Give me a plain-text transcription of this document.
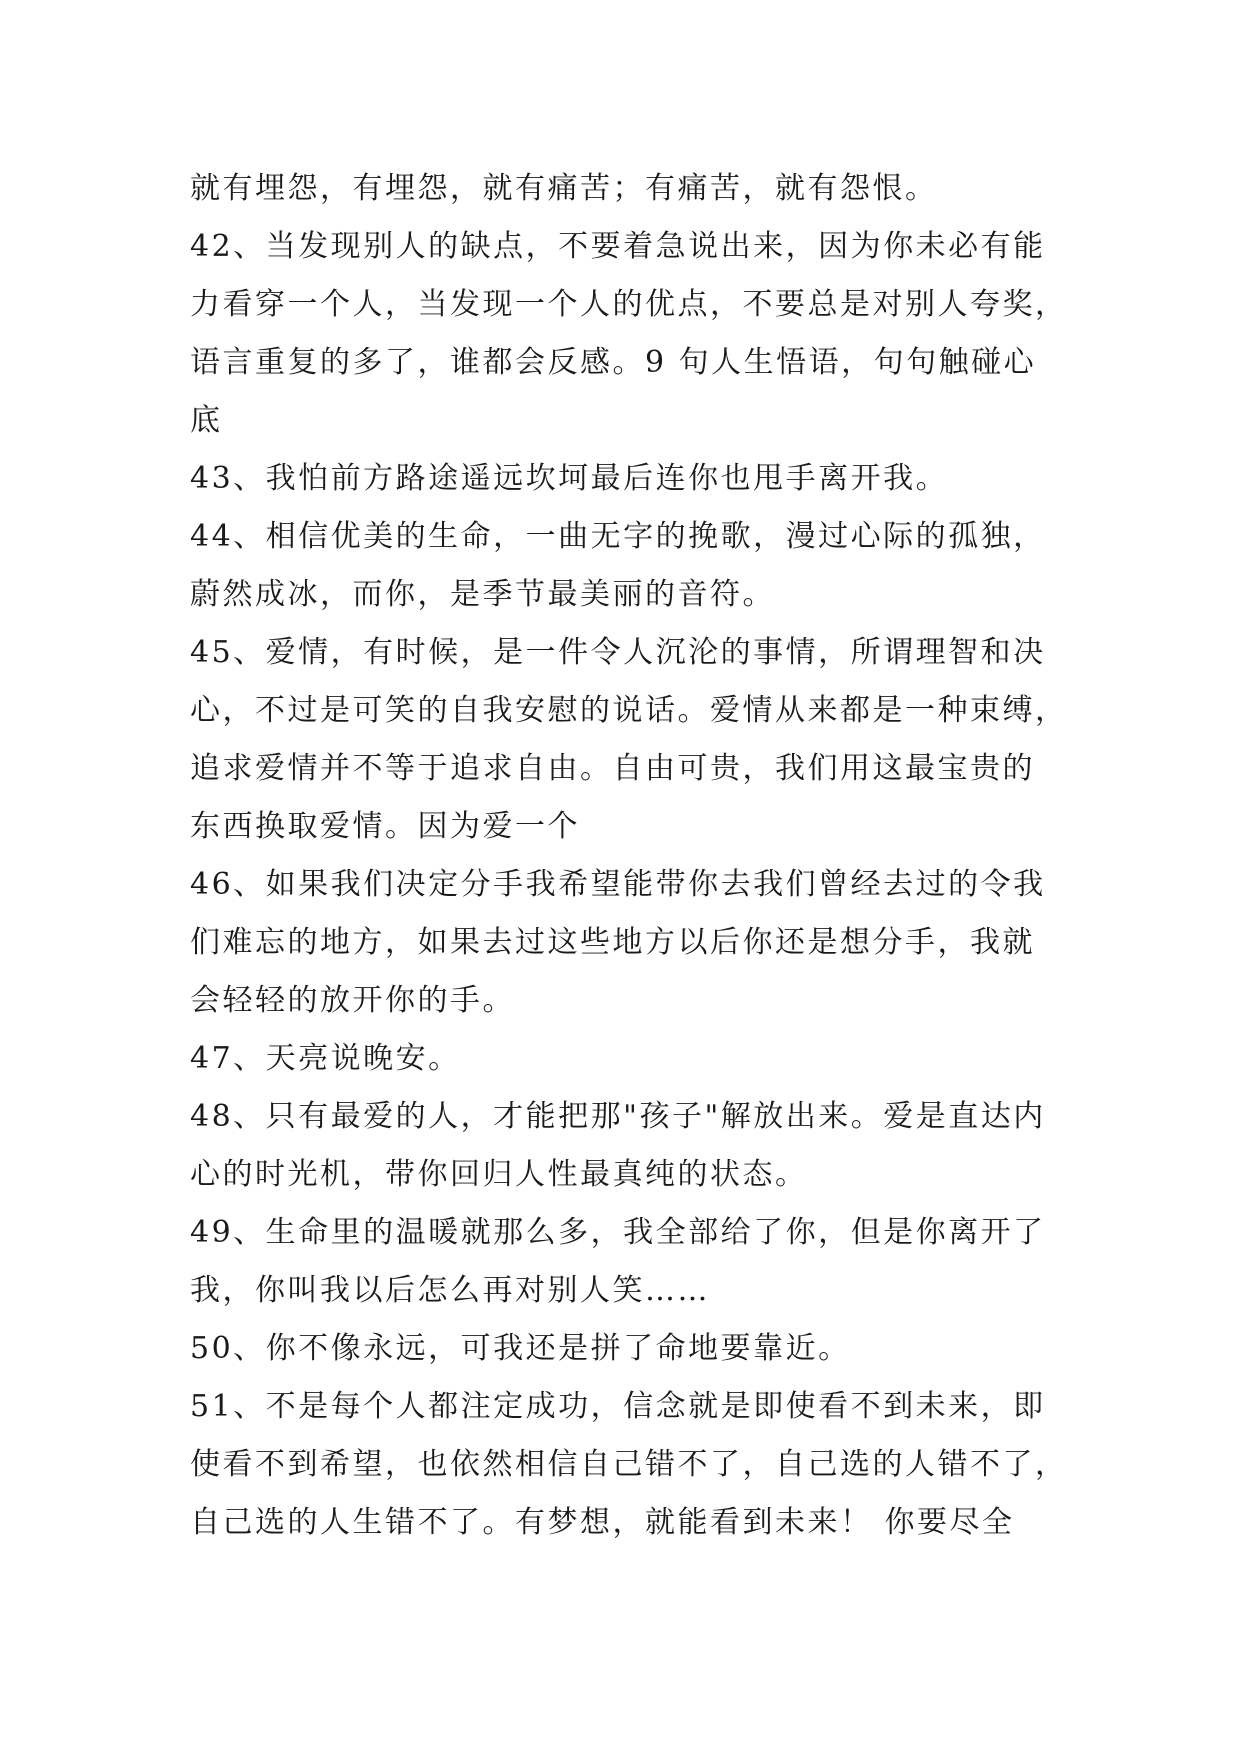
就有埋怨，有埋怨，就有痛苦；有痛苦，就有怨恨。
42、当发现别人的缺点，不要着急说出来，因为你未必有能
力看穿一个人，当发现一个人的优点，不要总是对别人夸奖，
语言重复的多了，谁都会反感。9 句人生悟语，句句触碰心
底
43、我怕前方路途遥远坎坷最后连你也甩手离开我。
44、相信优美的生命，一曲无字的挽歌，漫过心际的孤独，
蔚然成冰，而你，是季节最美丽的音符。
45、爱情，有时候，是一件令人沉沦的事情，所谓理智和决
心，不过是可笑的自我安慰的说话。爱情从来都是一种束缚，
追求爱情并不等于追求自由。自由可贵，我们用这最宝贵的
东西换取爱情。因为爱一个
46、如果我们决定分手我希望能带你去我们曾经去过的令我
们难忘的地方，如果去过这些地方以后你还是想分手，我就
会轻轻的放开你的手。
47、天亮说晚安。
48、只有最爱的人，才能把那"孩子"解放出来。爱是直达内
心的时光机，带你回归人性最真纯的状态。
49、生命里的温暖就那么多，我全部给了你，但是你离开了
我，你叫我以后怎么再对别人笑……
50、你不像永远，可我还是拼了命地要靠近。
51、不是每个人都注定成功，信念就是即使看不到未来，即
使看不到希望，也依然相信自己错不了，自己选的人错不了，
自己选的人生错不了。有梦想，就能看到未来！ 你要尽全
